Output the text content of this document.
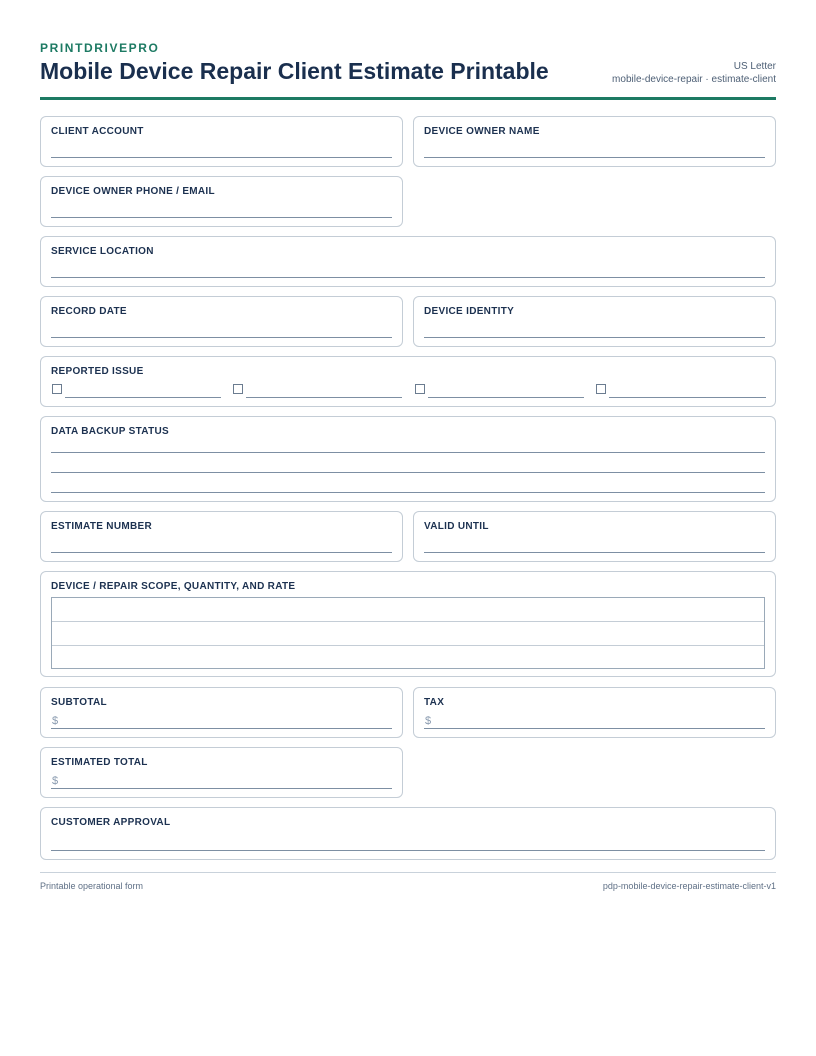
PRINTDRIVEPRO
Mobile Device Repair Client Estimate Printable	US Letter
mobile-device-repair · estimate-client
CLIENT ACCOUNT	DEVICE OWNER NAME
DEVICE OWNER PHONE / EMAIL
SERVICE LOCATION
RECORD DATE	DEVICE IDENTITY
REPORTED ISSUE
DATA BACKUP STATUS
ESTIMATE NUMBER	VALID UNTIL
DEVICE / REPAIR SCOPE, QUANTITY, AND RATE
SUBTOTAL
$
TAX
$
ESTIMATED TOTAL
$
CUSTOMER APPROVAL
Printable operational form	pdp-mobile-device-repair-estimate-client-v1
